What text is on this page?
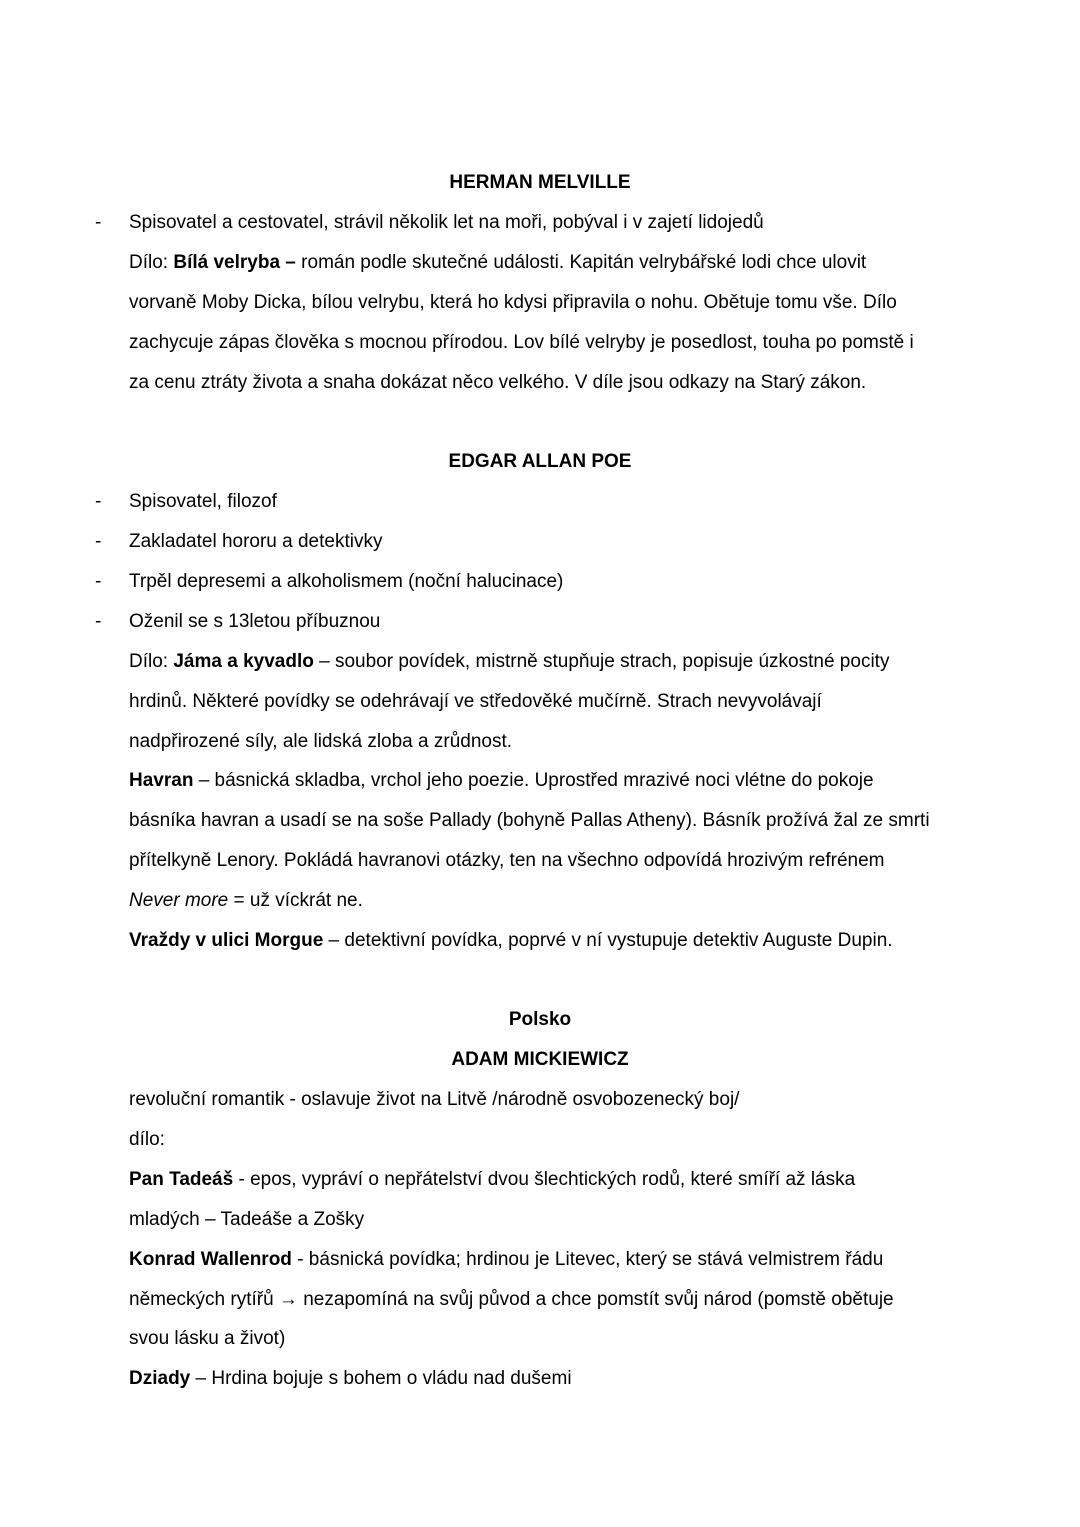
HERMAN MELVILLE
- Spisovatel a cestovatel, strávil několik let na moři, pobýval i v zajetí lidojedů
Dílo: Bílá velryba – román podle skutečné události. Kapitán velrybářské lodi chce ulovit
vorvaně Moby Dicka, bílou velrybu, která ho kdysi připravila o nohu. Obětuje tomu vše. Dílo
zachycuje zápas člověka s mocnou přírodou. Lov bílé velryby je posedlost, touha po pomstě i
za cenu ztráty života a snaha dokázat něco velkého. V díle jsou odkazy na Starý zákon.
EDGAR ALLAN POE
- Spisovatel, filozof
- Zakladatel hororu a detektivky
- Trpěl depresemi a alkoholismem (noční halucinace)
- Oženil se s 13letou příbuznou
Dílo: Jáma a kyvadlo – soubor povídek, mistrně stupňuje strach, popisuje úzkostné pocity
hrdinů. Některé povídky se odehrávají ve středověké mučírně. Strach nevyvolávají
nadpřirozené síly, ale lidská zloba a zrůdnost.
Havran – básnická skladba, vrchol jeho poezie. Uprostřed mrazivé noci vlétne do pokoje
básníka havran a usadí se na soše Pallady (bohyně Pallas Atheny). Básník prožívá žal ze smrti
přítelkyně Lenory. Pokládá havranovi otázky, ten na všechno odpovídá hrozivým refrénem
Never more = už víckrát ne.
Vraždy v ulici Morgue – detektivní povídka, poprvé v ní vystupuje detektiv Auguste Dupin.
Polsko
ADAM MICKIEWICZ
revoluční romantik - oslavuje život na Litvě /národně osvobozenecký boj/
dílo:
Pan Tadeáš - epos, vypráví o nepřátelství dvou šlechtických rodů, které smíří až láska
mladých – Tadeáše a Zošky
Konrad Wallenrod - básnická povídka; hrdinou je Litevec, který se stává velmistrem řádu
německých rytířů → nezapomíná na svůj původ a chce pomstít svůj národ (pomstě obětuje
svou lásku a život)
Dziady – Hrdina bojuje s bohem o vládu nad dušemi
